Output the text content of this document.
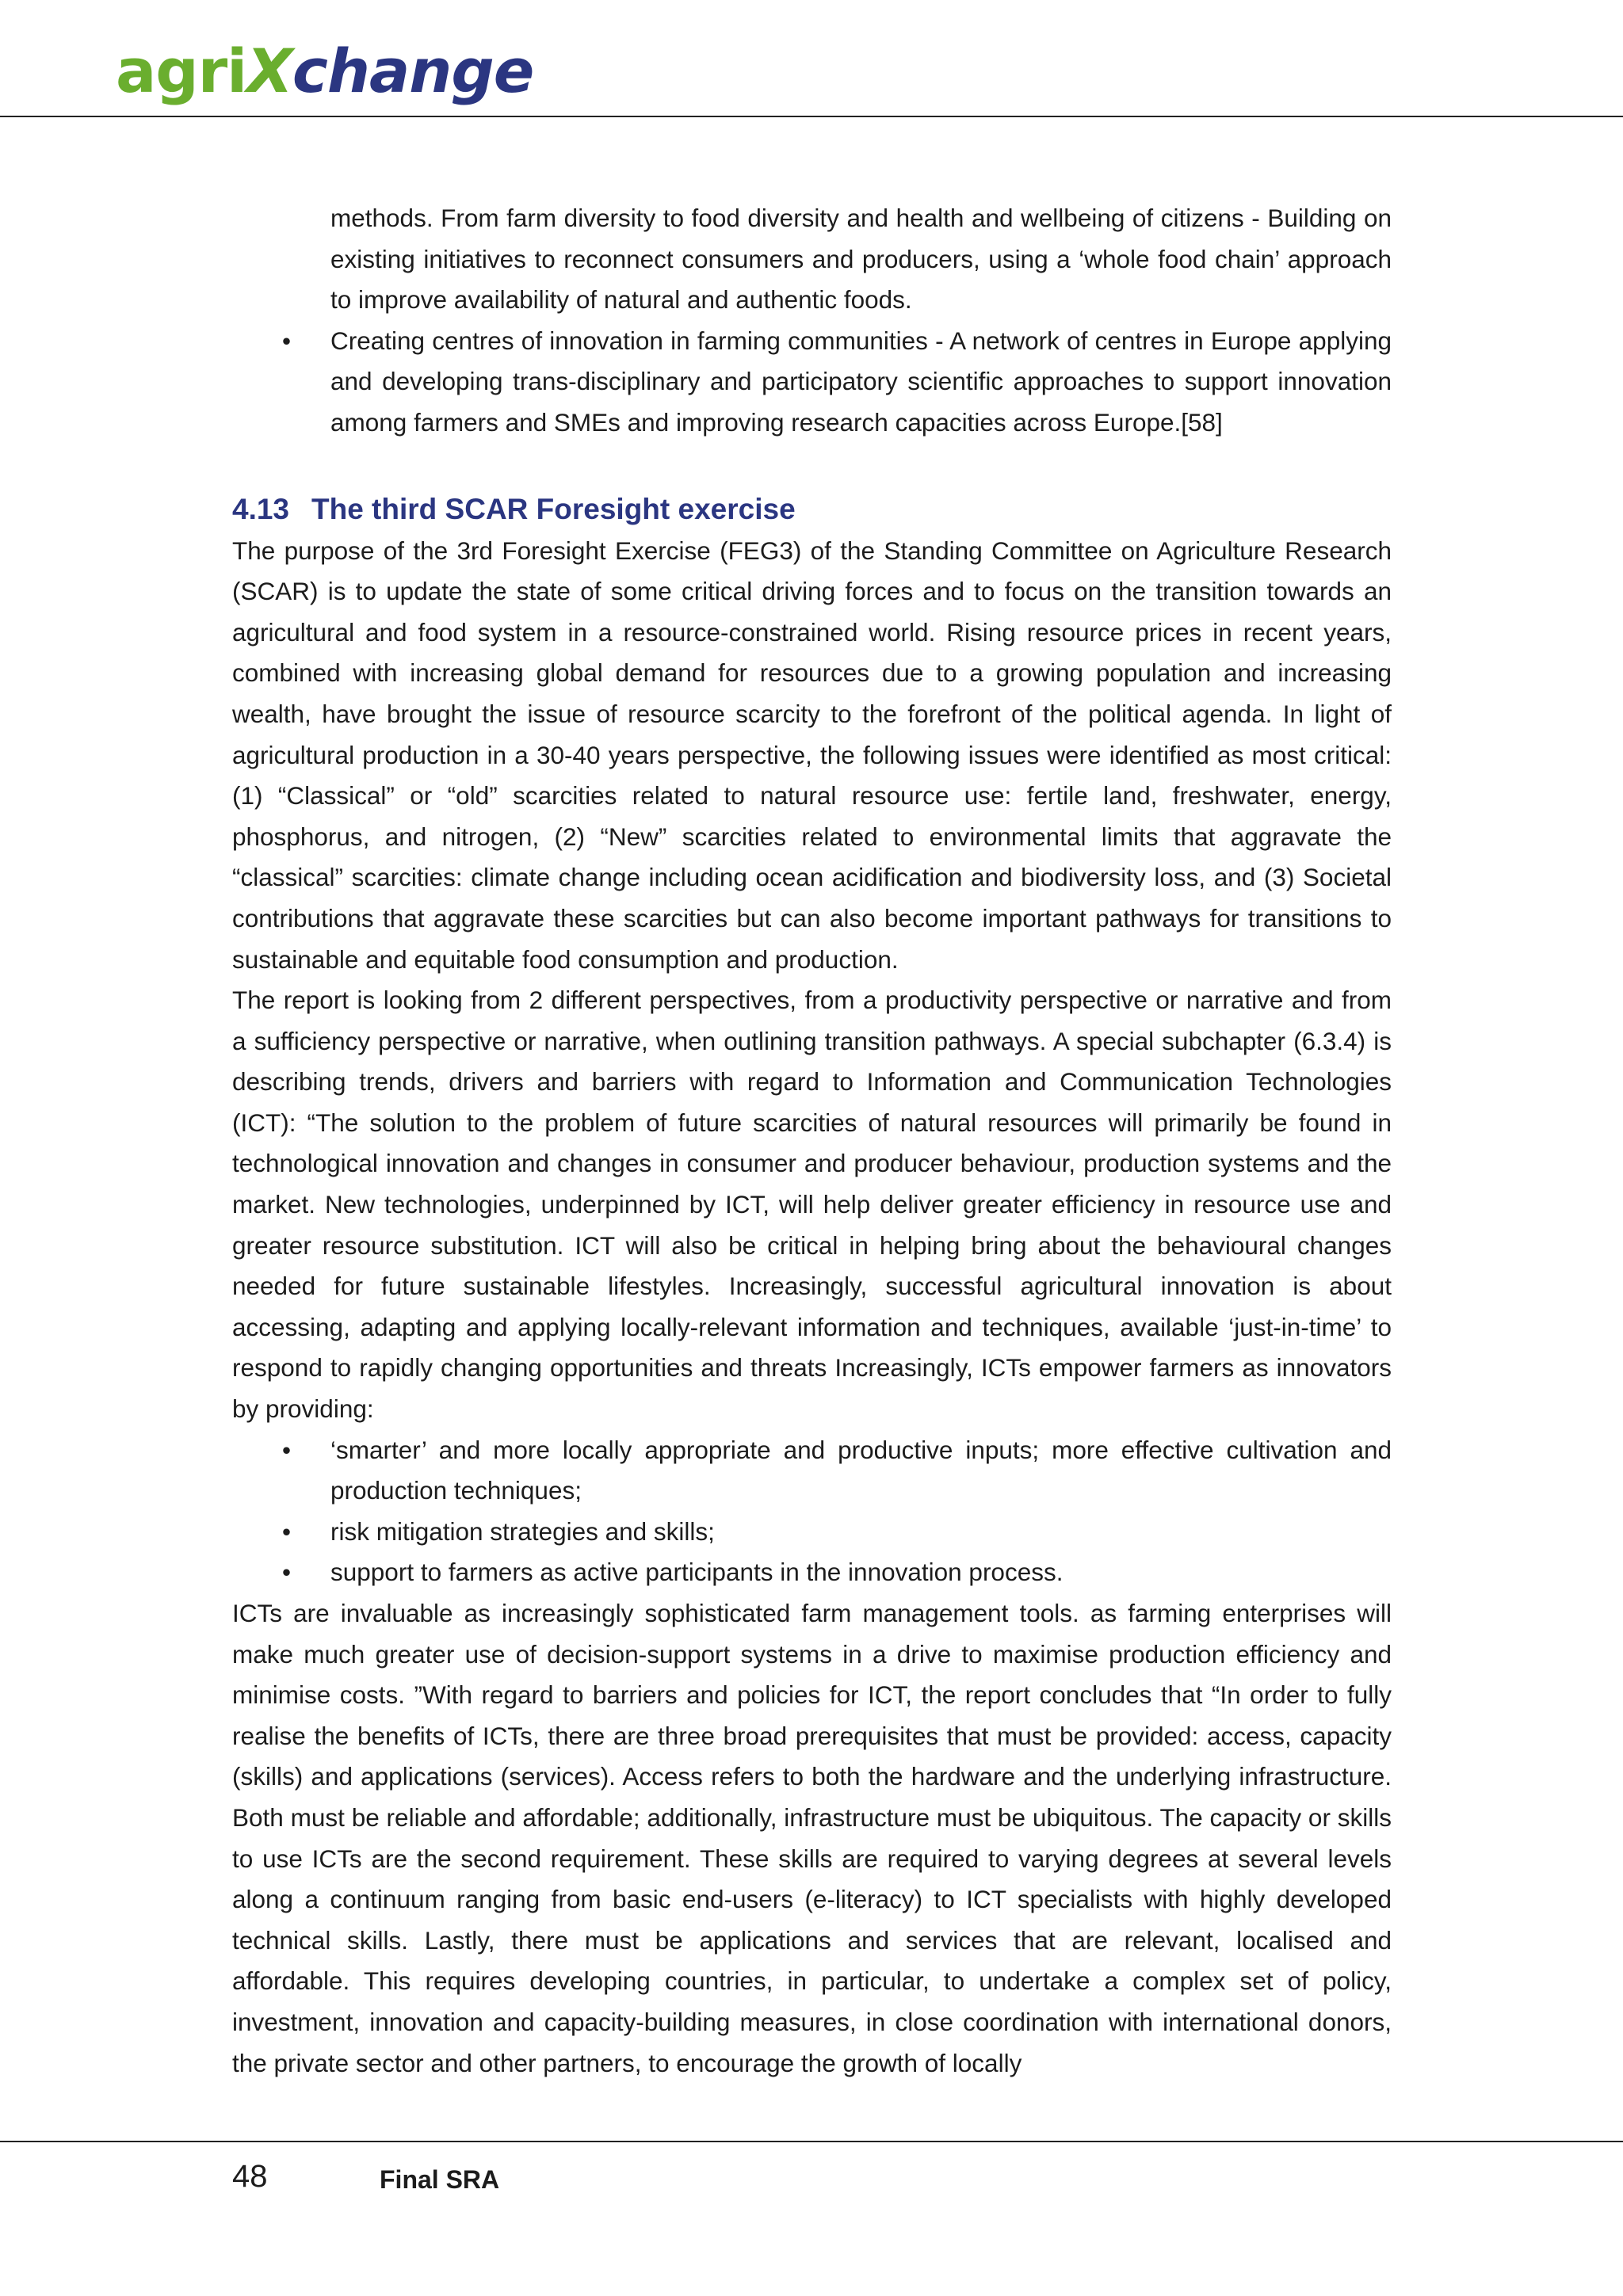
agriXchange

methods. From farm diversity to food diversity and health and wellbeing of citizens - Building on existing initiatives to reconnect consumers and producers, using a ‘whole food chain’ approach to improve availability of natural and authentic foods.

• Creating centres of innovation in farming communities - A network of centres in Europe applying and developing trans-disciplinary and participatory scientific approaches to support innovation among farmers and SMEs and improving research capacities across Europe.[58]
4.13 The third SCAR Foresight exercise

The purpose of the 3rd Foresight Exercise (FEG3) of the Standing Committee on Agriculture Research (SCAR) is to update the state of some critical driving forces and to focus on the transition towards an agricultural and food system in a resource-constrained world. Rising resource prices in recent years, combined with increasing global demand for resources due to a growing population and increasing wealth, have brought the issue of resource scarcity to the forefront of the political agenda. In light of agricultural production in a 30-40 years perspective, the following issues were identified as most critical: (1) “Classical” or “old” scarcities related to natural resource use: fertile land, freshwater, energy, phosphorus, and nitrogen, (2) “New” scarcities related to environmental limits that aggravate the “classical” scarcities: climate change including ocean acidification and biodiversity loss, and (3) Societal contributions that aggravate these scarcities but can also become important pathways for transitions to sustainable and equitable food consumption and production.

The report is looking from 2 different perspectives, from a productivity perspective or narrative and from a sufficiency perspective or narrative, when outlining transition pathways. A special subchapter (6.3.4) is describing trends, drivers and barriers with regard to Information and Communication Technologies (ICT): “The solution to the problem of future scarcities of natural resources will primarily be found in technological innovation and changes in consumer and producer behaviour, production systems and the market. New technologies, underpinned by ICT, will help deliver greater efficiency in resource use and greater resource substitution. ICT will also be critical in helping bring about the behavioural changes needed for future sustainable lifestyles. Increasingly, successful agricultural innovation is about accessing, adapting and applying locally-relevant information and techniques, available ‘just-in-time’ to respond to rapidly changing opportunities and threats Increasingly, ICTs empower farmers as innovators by providing:

• ‘smarter’ and more locally appropriate and productive inputs; more effective cultivation and production techniques;
• risk mitigation strategies and skills;
• support to farmers as active participants in the innovation process.

ICTs are invaluable as increasingly sophisticated farm management tools. as farming enterprises will make much greater use of decision-support systems in a drive to maximise production efficiency and minimise costs. ”With regard to barriers and policies for ICT, the report concludes that “In order to fully realise the benefits of ICTs, there are three broad prerequisites that must be provided: access, capacity (skills) and applications (services). Access refers to both the hardware and the underlying infrastructure. Both must be reliable and affordable; additionally, infrastructure must be ubiquitous. The capacity or skills to use ICTs are the second requirement. These skills are required to varying degrees at several levels along a continuum ranging from basic end-users (e-literacy) to ICT specialists with highly developed technical skills. Lastly, there must be applications and services that are relevant, localised and affordable. This requires developing countries, in particular, to undertake a complex set of policy, investment, innovation and capacity-building measures, in close coordination with international donors, the private sector and other partners, to encourage the growth of locally

48	Final SRA
